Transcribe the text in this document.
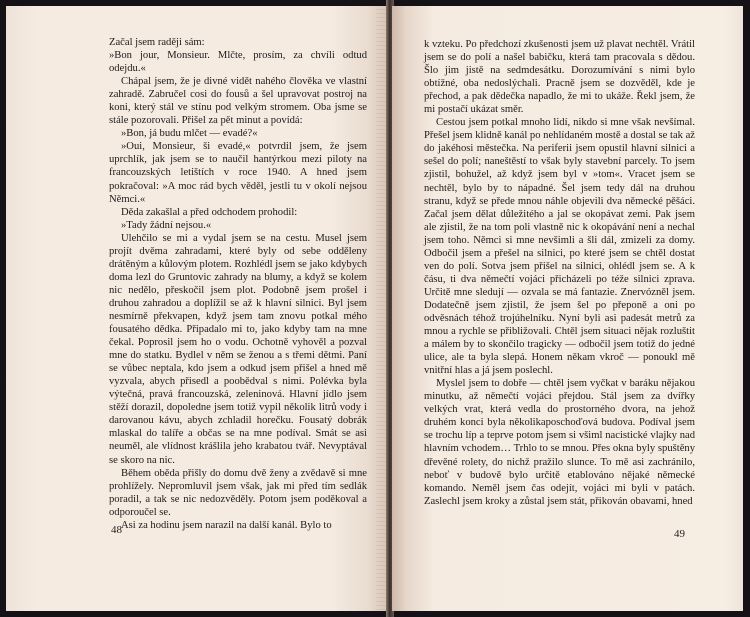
Začal jsem raději sám:

»Bon jour, Monsieur. Mlčte, prosím, za chvíli odtud odejdu.«

Chápal jsem, že je divné vidět nahého člověka ve vlastní zahradě. Zabručel cosi do fousů a šel upravovat postroj na koni, který stál ve stínu pod velkým stromem. Oba jsme se stále pozorovali. Přišel za pět minut a povídá:

»Bon, já budu mlčet — evadé?«

»Oui, Monsieur, ši evadé,« potvrdil jsem, že jsem uprchlík, jak jsem se to naučil hantýrkou mezi piloty na francouzských letištích v roce 1940. A hned jsem pokračoval: »A moc rád bych věděl, jestli tu v okolí nejsou Němci.«

Děda zakašlal a před odchodem prohodil:

»Tady žádní nejsou.«

Ulehčilo se mi a vydal jsem se na cestu. Musel jsem projít dvěma zahradami, které byly od sebe odděleny drátěným a kůlovým plotem. Rozhlédl jsem se jako kdybych doma lezl do Gruntovic zahrady na blumy, a když se kolem nic nedělo, přeskočil jsem plot. Podobně jsem prošel i druhou zahradou a doplížil se až k hlavní silnici. Byl jsem nesmírně překvapen, když jsem tam znovu potkal mého fousatého dědka. Připadalo mi to, jako kdyby tam na mne čekal. Poprosil jsem ho o vodu. Ochotně vyhověl a pozval mne do statku. Bydlel v něm se ženou a s třemi dětmi. Paní se vůbec neptala, kdo jsem a odkud jsem přišel a hned mě vyzvala, abych přisedl a poobědval s nimi. Polévka byla výtečná, pravá francouzská, zeleninová. Hlavní jídlo jsem stěží dorazil, dopoledne jsem totiž vypil několik litrů vody i darovanou kávu, abych zchladil horečku. Fousatý dobrák mlaskal do talíře a občas se na mne podíval. Smát se asi neuměl, ale vlídnost krášlila jeho krabatou tvář. Nevyptával se skoro na nic.

Během oběda přišly do domu dvě ženy a zvědavě si mne prohlížely. Nepromluvil jsem však, jak mi před tím sedlák poradil, a tak se nic nedozvěděly. Potom jsem poděkoval a odporoučel se.

Asi za hodinu jsem narazil na další kanál. Bylo to

48

k vzteku. Po předchozí zkušenosti jsem už plavat nechtěl. Vrátil jsem se do polí a našel babičku, která tam pracovala s dědou. Šlo jim jistě na sedmdesátku. Dorozumívání s nimi bylo obtížné, oba nedoslýchali. Pracně jsem se dozvěděl, kde je přechod, a pak dědečka napadlo, že mi to ukáže. Řekl jsem, že mi postačí ukázat směr.

Cestou jsem potkal mnoho lidí, nikdo si mne však nevšímal. Přešel jsem klidně kanál po nehlídaném mostě a dostal se tak až do jakéhosi městečka. Na periferii jsem opustil hlavní silnici a sešel do polí; naneštěstí to však byly stavební parcely. To jsem zjistil, bohužel, až když jsem byl v »tom«. Vracet jsem se nechtěl, bylo by to nápadné. Šel jsem tedy dál na druhou stranu, když se přede mnou náhle objevili dva německé pěšáci. Začal jsem dělat důležitého a jal se okopávat zemi. Pak jsem ale zjistil, že na tom poli vlastně nic k okopávání není a nechal jsem toho. Němci si mne nevšimli a šli dál, zmizeli za domy. Odbočil jsem a přešel na silnici, po které jsem se chtěl dostat ven do polí. Sotva jsem přišel na silnici, ohlédl jsem se. A k čásu, ti dva němečtí vojáci přicházeli po téže silnici zprava. Určitě mne sledují — ozvala se má fantazie. Znervózněl jsem. Dodatečně jsem zjistil, že jsem šel po přeponě a oni po odvěsnách téhož trojúhelníku. Nyní byli asi padesát metrů za mnou a rychle se přibližovali. Chtěl jsem situaci nějak rozluštit a málem by to skončilo tragicky — odbočil jsem totiž do jedné ulice, ale ta byla slepá. Honem někam vkroč — ponoukl mě vnitřní hlas a já jsem poslechl.

Myslel jsem to dobře — chtěl jsem vyčkat v baráku nějakou minutku, až němečtí vojáci přejdou. Stál jsem za dvířky velkých vrat, která vedla do prostorného dvora, na jehož druhém konci byla několikaposchoďová budova. Podíval jsem se trochu líp a teprve potom jsem si všiml nacistické vlajky nad hlavním vchodem… Trhlo to se mnou. Přes okna byly spuštěny dřevěné rolety, do nichž pražilo slunce. To mě asi zachránilo, neboť v budově bylo určitě etablováno nějaké německé komando. Neměl jsem čas odejít, vojáci mi byli v patách. Zaslechl jsem kroky a zůstal jsem stát, přikován obavami, hned

49
